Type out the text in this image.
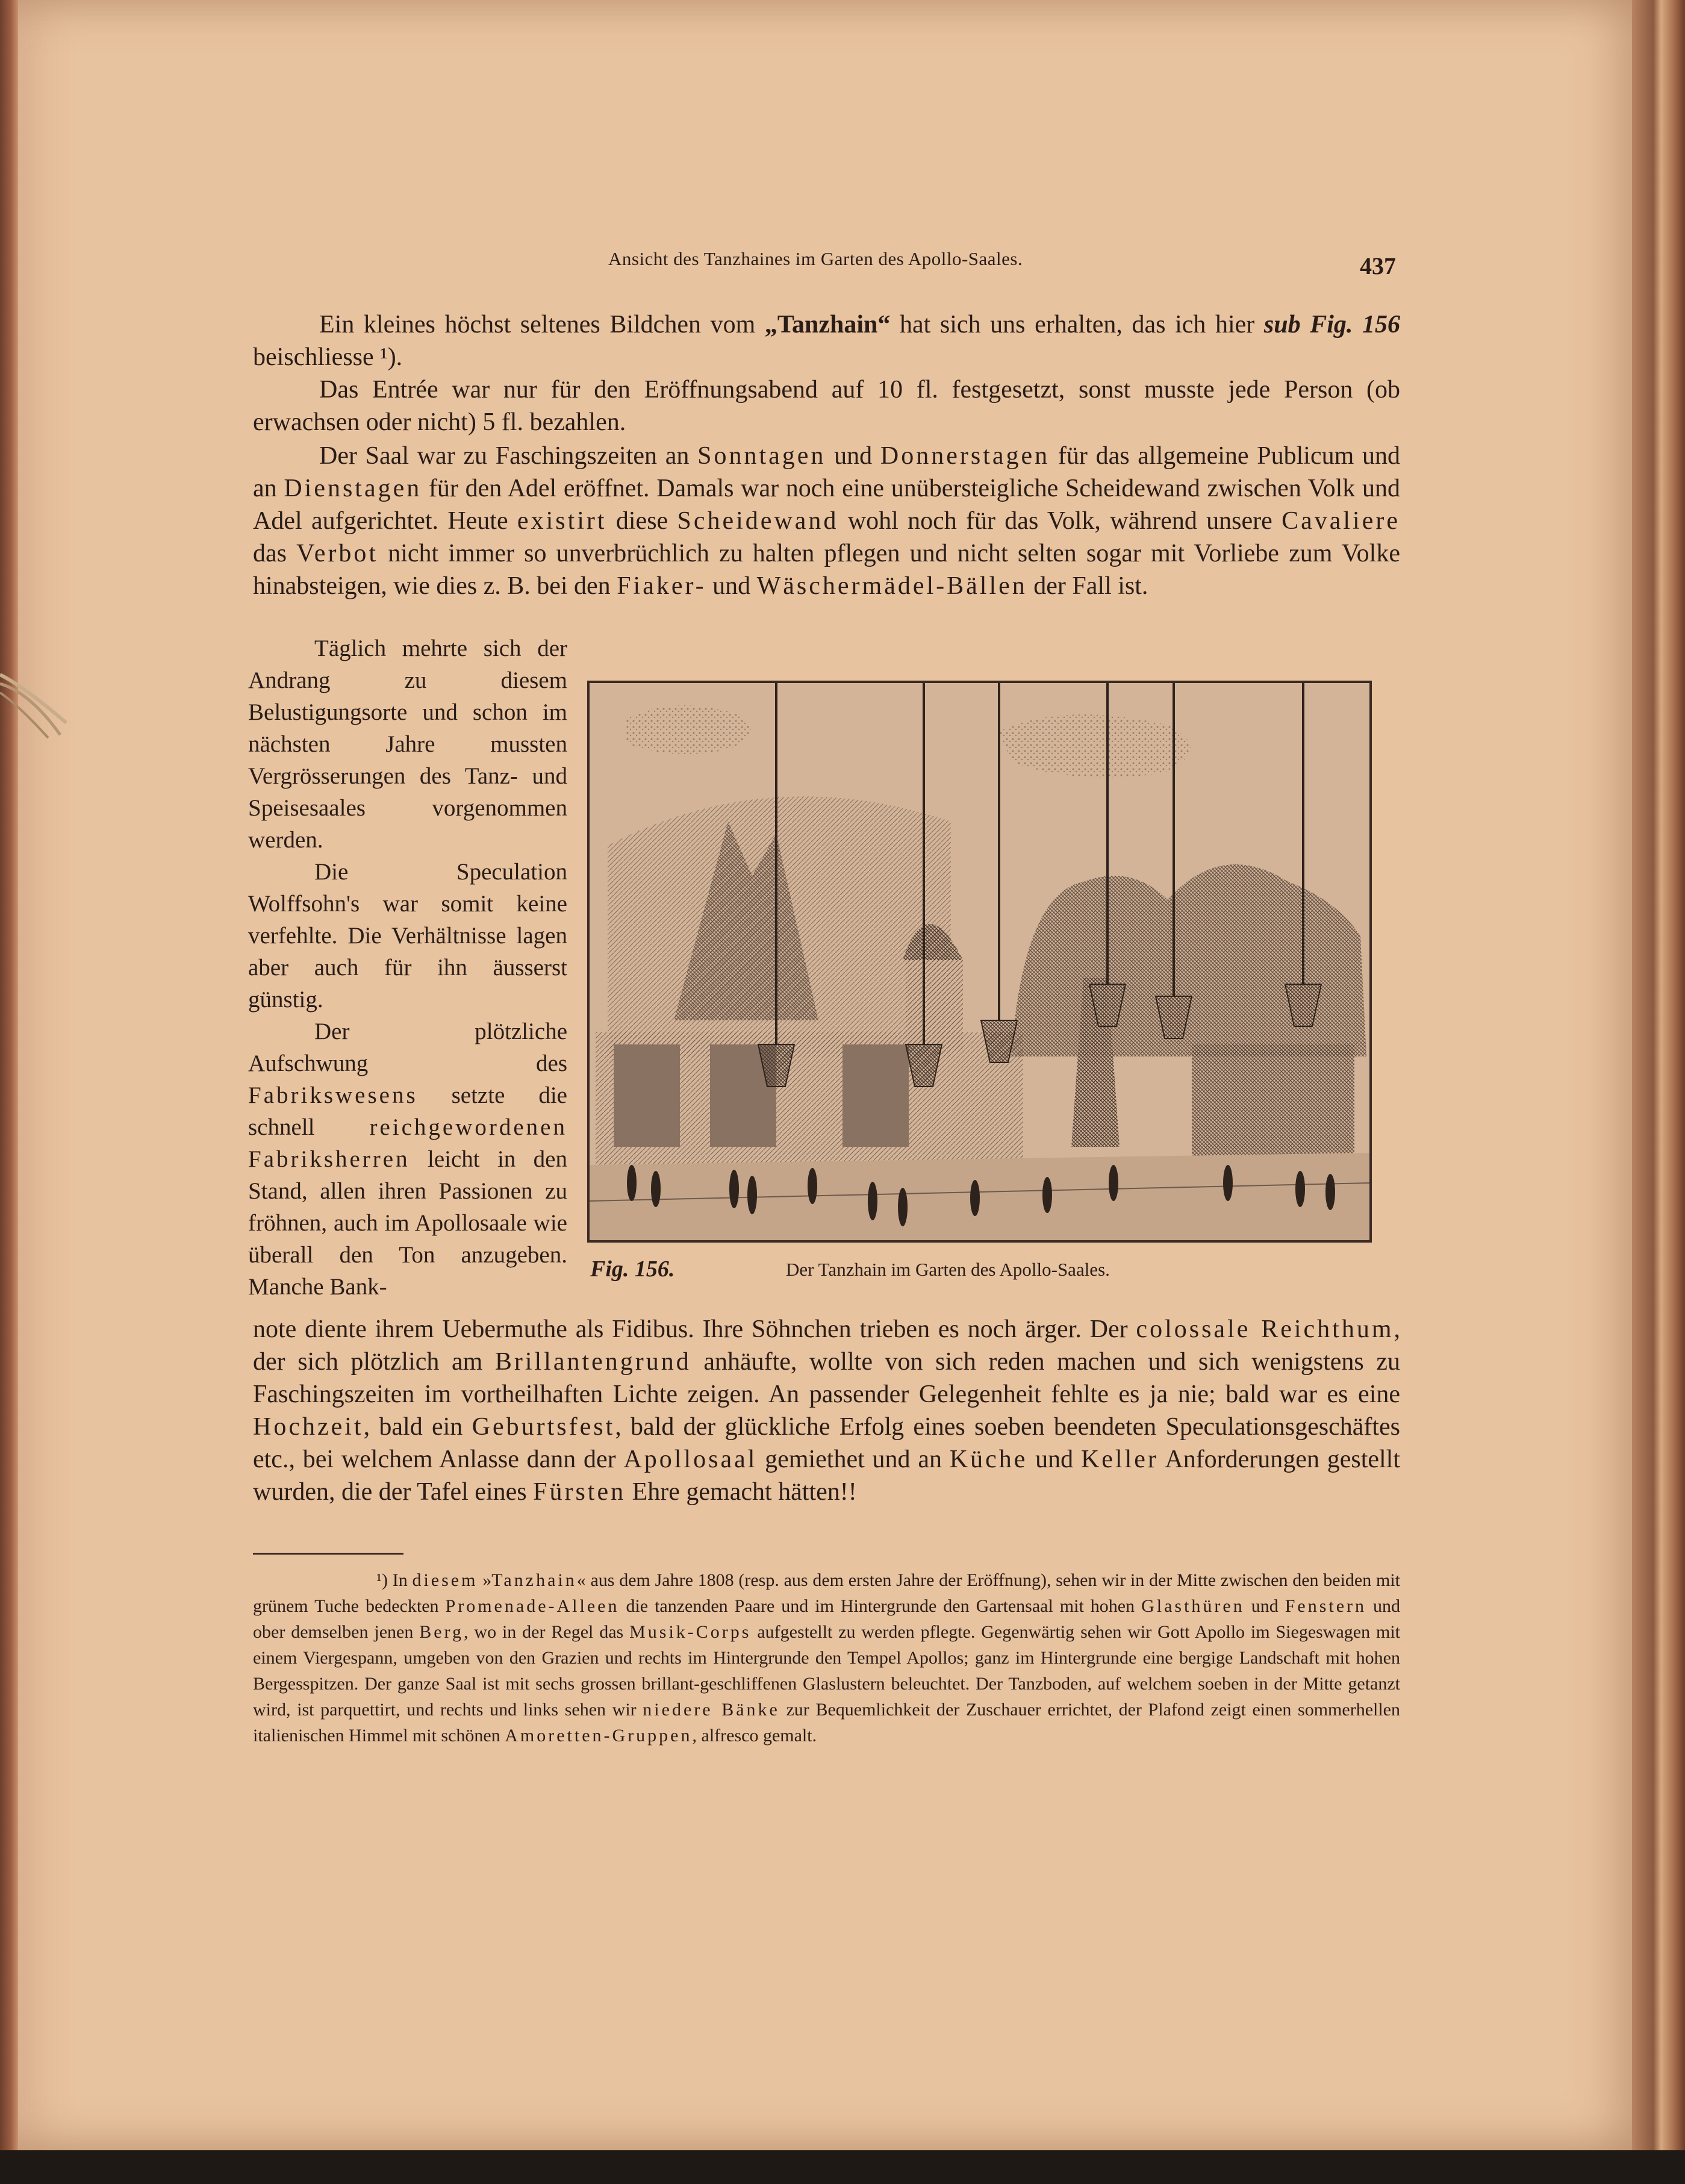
Ansicht des Tanzhaines im Garten des Apollo-Saales.	437
Ein kleines höchst seltenes Bildchen vom „Tanzhain“ hat sich uns erhalten, das ich hier sub Fig. 156 beischliesse ¹).
Das Entrée war nur für den Eröffnungsabend auf 10 fl. festgesetzt, sonst musste jede Person (ob erwachsen oder nicht) 5 fl. bezahlen.
Der Saal war zu Faschingszeiten an Sonntagen und Donnerstagen für das allgemeine Publicum und an Dienstagen für den Adel eröffnet. Damals war noch eine unübersteigliche Scheidewand zwischen Volk und Adel aufgerichtet. Heute existirt diese Scheidewand wohl noch für das Volk, während unsere Cavaliere das Verbot nicht immer so unverbrüchlich zu halten pflegen und nicht selten sogar mit Vorliebe zum Volke hinabsteigen, wie dies z. B. bei den Fiaker- und Wäschermädel-Bällen der Fall ist.

Täglich mehrte sich der Andrang zu diesem Belustigungsorte und schon im nächsten Jahre mussten Vergrösserungen des Tanz- und Speisesaales vorgenommen werden.

Die Speculation Wolffsohn's war somit keine verfehlte. Die Verhältnisse lagen aber auch für ihn äusserst günstig.

Der plötzliche Aufschwung des Fabrikswesens setzte die schnell reichgewordenen Fabriksherren leicht in den Stand, allen ihren Passionen zu fröhnen, auch im Apollosaale wie überall den Ton anzugeben. Manche Bank-

Fig. 156.	Der Tanzhain im Garten des Apollo-Saales.
note diente ihrem Uebermuthe als Fidibus. Ihre Söhnchen trieben es noch ärger. Der colossale Reichthum, der sich plötzlich am Brillantengrund anhäufte, wollte von sich reden machen und sich wenigstens zu Faschingszeiten im vortheilhaften Lichte zeigen. An passender Gelegenheit fehlte es ja nie; bald war es eine Hochzeit, bald ein Geburtsfest, bald der glückliche Erfolg eines soeben beendeten Speculationsgeschäftes etc., bei welchem Anlasse dann der Apollosaal gemiethet und an Küche und Keller Anforderungen gestellt wurden, die der Tafel eines Fürsten Ehre gemacht hätten!!
¹) In diesem »Tanzhain« aus dem Jahre 1808 (resp. aus dem ersten Jahre der Eröffnung), sehen wir in der Mitte zwischen den beiden mit grünem Tuche bedeckten Promenade-Alleen die tanzenden Paare und im Hintergrunde den Gartensaal mit hohen Glasthüren und Fenstern und ober demselben jenen Berg, wo in der Regel das Musik-Corps aufgestellt zu werden pflegte. Gegenwärtig sehen wir Gott Apollo im Siegeswagen mit einem Viergespann, umgeben von den Grazien und rechts im Hintergrunde den Tempel Apollos; ganz im Hintergrunde eine bergige Landschaft mit hohen Bergesspitzen. Der ganze Saal ist mit sechs grossen brillant-geschliffenen Glaslustern beleuchtet. Der Tanzboden, auf welchem soeben in der Mitte getanzt wird, ist parquettirt, und rechts und links sehen wir niedere Bänke zur Bequemlichkeit der Zuschauer errichtet, der Plafond zeigt einen sommerhellen italienischen Himmel mit schönen Amoretten-Gruppen, alfresco gemalt.
